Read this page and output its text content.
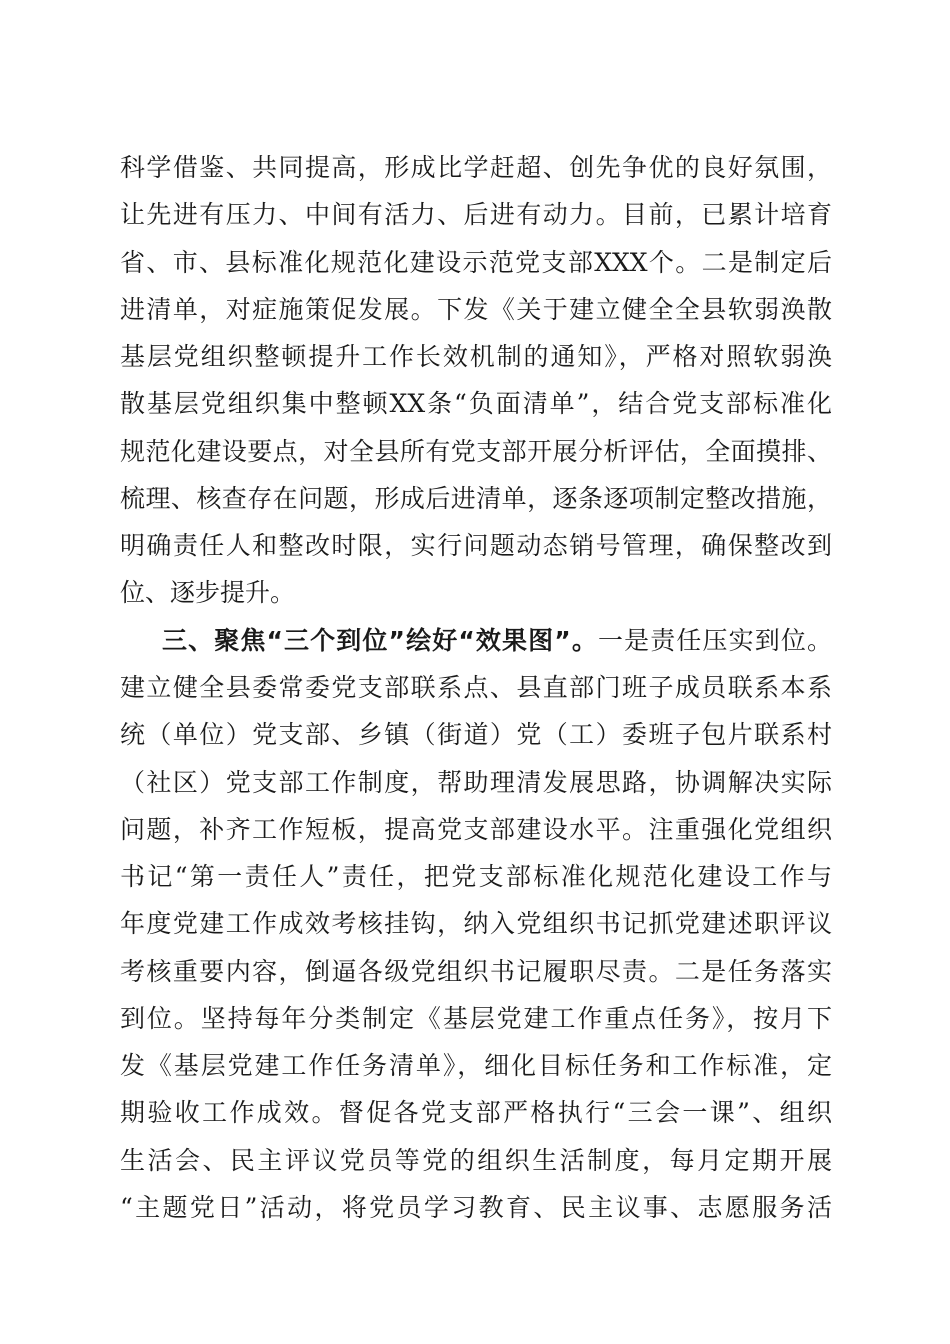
科学借鉴、共同提高，形成比学赶超、创先争优的良好氛围，
让先进有压力、中间有活力、后进有动力。目前，已累计培育
省、市、县标准化规范化建设示范党支部XXX个。二是制定后
进清单，对症施策促发展。下发《关于建立健全全县软弱涣散
基层党组织整顿提升工作长效机制的通知》，严格对照软弱涣
散基层党组织集中整顿XX条“负面清单”，结合党支部标准化
规范化建设要点，对全县所有党支部开展分析评估，全面摸排、
梳理、核查存在问题，形成后进清单，逐条逐项制定整改措施，
明确责任人和整改时限，实行问题动态销号管理，确保整改到
位、逐步提升。
三、聚焦“三个到位”绘好“效果图”。一是责任压实到位。
建立健全县委常委党支部联系点、县直部门班子成员联系本系
统（单位）党支部、乡镇（街道）党（工）委班子包片联系村
（社区）党支部工作制度，帮助理清发展思路，协调解决实际
问题，补齐工作短板，提高党支部建设水平。注重强化党组织
书记“第一责任人”责任，把党支部标准化规范化建设工作与
年度党建工作成效考核挂钩，纳入党组织书记抓党建述职评议
考核重要内容，倒逼各级党组织书记履职尽责。二是任务落实
到位。坚持每年分类制定《基层党建工作重点任务》，按月下
发《基层党建工作任务清单》，细化目标任务和工作标准，定
期验收工作成效。督促各党支部严格执行“三会一课”、组织
生活会、民主评议党员等党的组织生活制度，每月定期开展
“主题党日”活动，将党员学习教育、民主议事、志愿服务活
